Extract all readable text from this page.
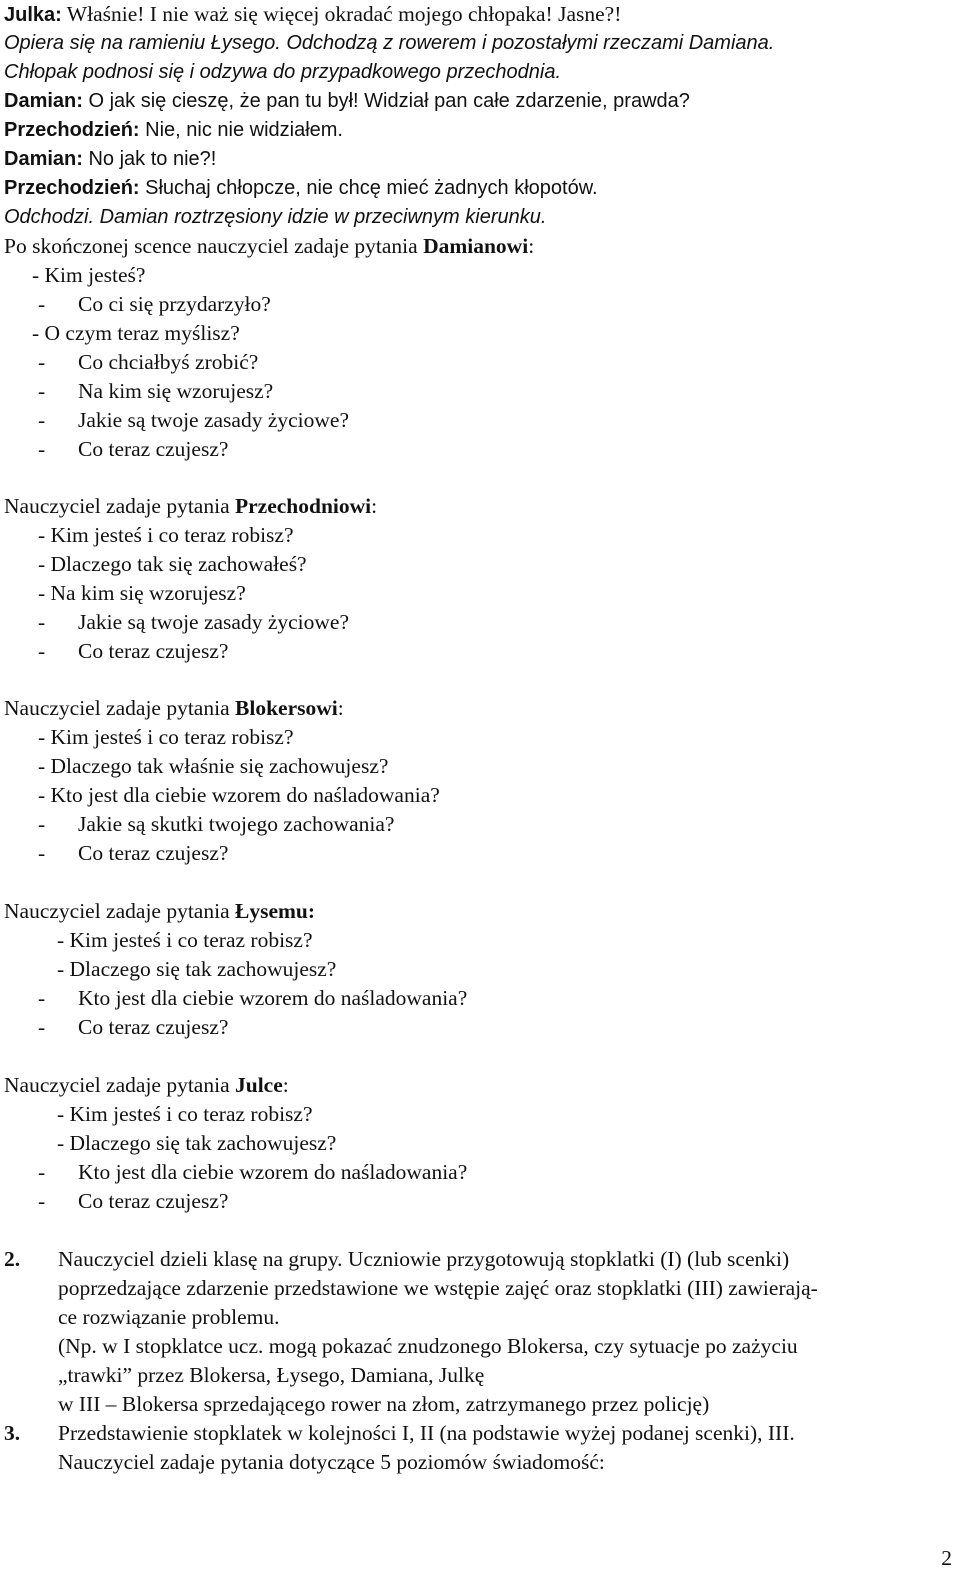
Julka: Właśnie! I nie waż się więcej okradać mojego chłopaka! Jasne?!
Opiera się na ramieniu Łysego. Odchodzą z rowerem i pozostałymi rzeczami Damiana.
Chłopak podnosi się i odzywa do przypadkowego przechodnia.
Damian: O jak się cieszę, że pan tu był! Widział pan całe zdarzenie, prawda?
Przechodzień: Nie, nic nie widziałem.
Damian: No jak to nie?!
Przechodzień: Słuchaj chłopcze, nie chcę mieć żadnych kłopotów.
Odchodzi. Damian roztrzęsiony idzie w przeciwnym kierunku.
Po skończonej scence nauczyciel zadaje pytania Damianowi:
- Kim jesteś?
- Co ci się przydarzyło?
- O czym teraz myślisz?
- Co chciałbyś zrobić?
- Na kim się wzorujesz?
- Jakie są twoje zasady życiowe?
- Co teraz czujesz?
Nauczyciel zadaje pytania Przechodniowi:
- Kim jesteś i co teraz robisz?
- Dlaczego tak się zachowałeś?
- Na kim się wzorujesz?
- Jakie są twoje zasady życiowe?
- Co teraz czujesz?
Nauczyciel zadaje pytania Blokersowi:
- Kim jesteś i co teraz robisz?
- Dlaczego tak właśnie się zachowujesz?
- Kto jest dla ciebie wzorem do naśladowania?
- Jakie są skutki twojego zachowania?
- Co teraz czujesz?
Nauczyciel zadaje pytania Łysemu:
- Kim jesteś i co teraz robisz?
- Dlaczego się tak zachowujesz?
- Kto jest dla ciebie wzorem do naśladowania?
- Co teraz czujesz?
Nauczyciel zadaje pytania Julce:
- Kim jesteś i co teraz robisz?
- Dlaczego się tak zachowujesz?
- Kto jest dla ciebie wzorem do naśladowania?
- Co teraz czujesz?
2. Nauczyciel dzieli klasę na grupy. Uczniowie przygotowują stopklatki (I) (lub scenki)
poprzedzające zdarzenie przedstawione we wstępie zajęć oraz stopklatki (III) zawierają-
ce rozwiązanie problemu.
(Np. w I stopklatce ucz. mogą pokazać znudzonego Blokersa, czy sytuacje po zażyciu
„trawki” przez Blokersa, Łysego, Damiana, Julkę
w III – Blokersa sprzedającego rower na złom, zatrzymanego przez policję)
3. Przedstawienie stopklatek w kolejności I, II (na podstawie wyżej podanej scenki), III.
Nauczyciel zadaje pytania dotyczące 5 poziomów świadomość:
2
